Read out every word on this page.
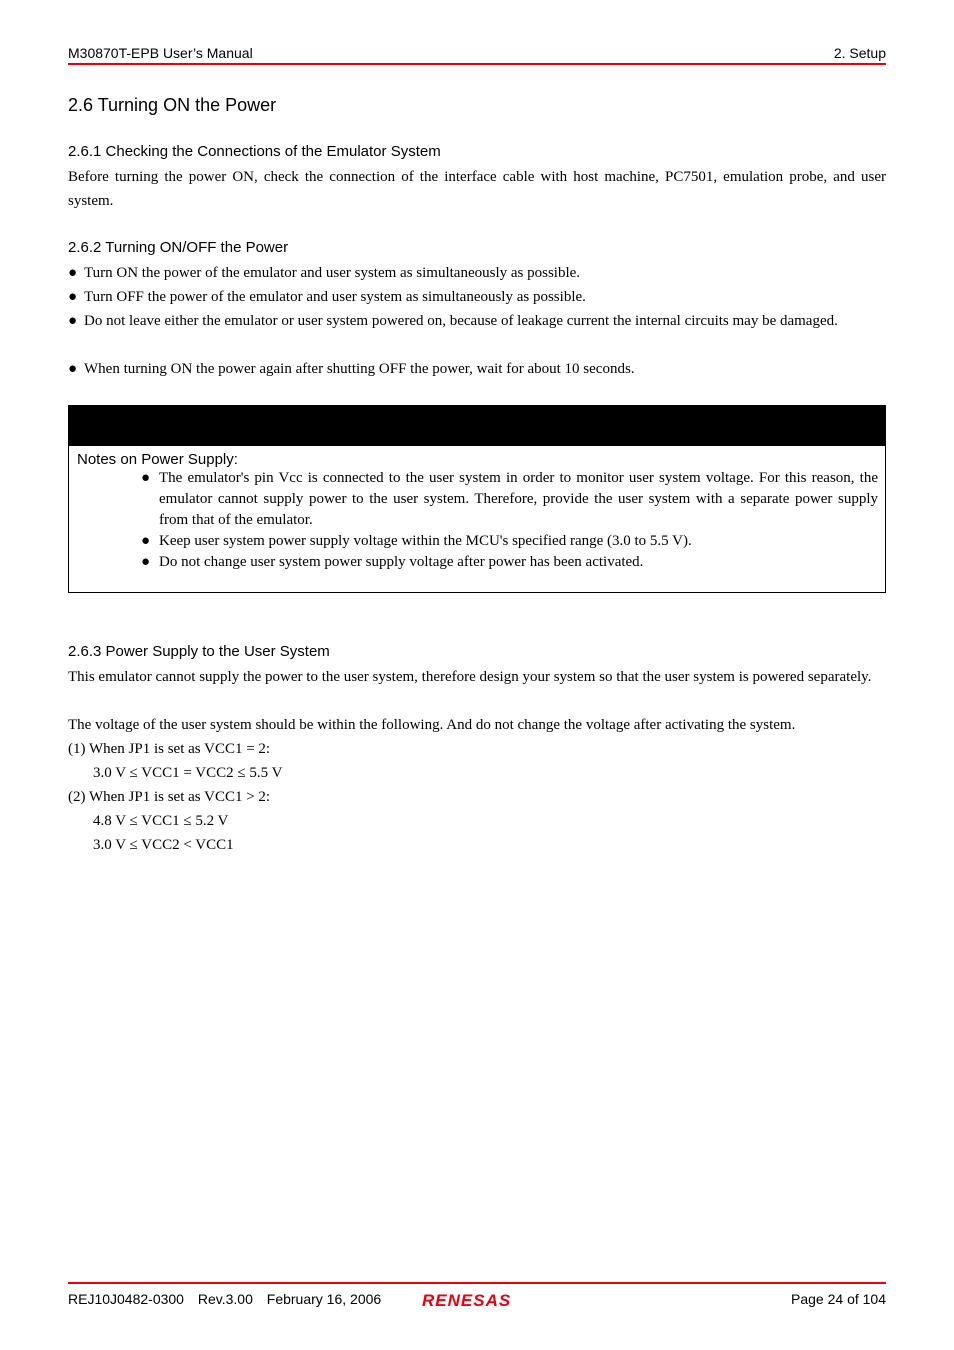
M30870T-EPB User’s Manual	2. Setup
2.6 Turning ON the Power
2.6.1 Checking the Connections of the Emulator System
Before turning the power ON, check the connection of the interface cable with host machine, PC7501, emulation probe, and user system.
2.6.2 Turning ON/OFF the Power
● Turn ON the power of the emulator and user system as simultaneously as possible.
● Turn OFF the power of the emulator and user system as simultaneously as possible.
● Do not leave either the emulator or user system powered on, because of leakage current the internal circuits may be damaged.
● When turning ON the power again after shutting OFF the power, wait for about 10 seconds.
Notes on Power Supply:
● The emulator's pin Vcc is connected to the user system in order to monitor user system voltage. For this reason, the emulator cannot supply power to the user system. Therefore, provide the user system with a separate power supply from that of the emulator.
● Keep user system power supply voltage within the MCU's specified range (3.0 to 5.5 V).
● Do not change user system power supply voltage after power has been activated.
2.6.3 Power Supply to the User System
This emulator cannot supply the power to the user system, therefore design your system so that the user system is powered separately.
The voltage of the user system should be within the following. And do not change the voltage after activating the system.
(1) When JP1 is set as VCC1 = 2:
3.0 V ≤ VCC1 = VCC2 ≤ 5.5 V
(2) When JP1 is set as VCC1 > 2:
4.8 V ≤ VCC1 ≤ 5.2 V
3.0 V ≤ VCC2 < VCC1
REJ10J0482-0300 Rev.3.00 February 16, 2006	Page 24 of 104
RENESAS
